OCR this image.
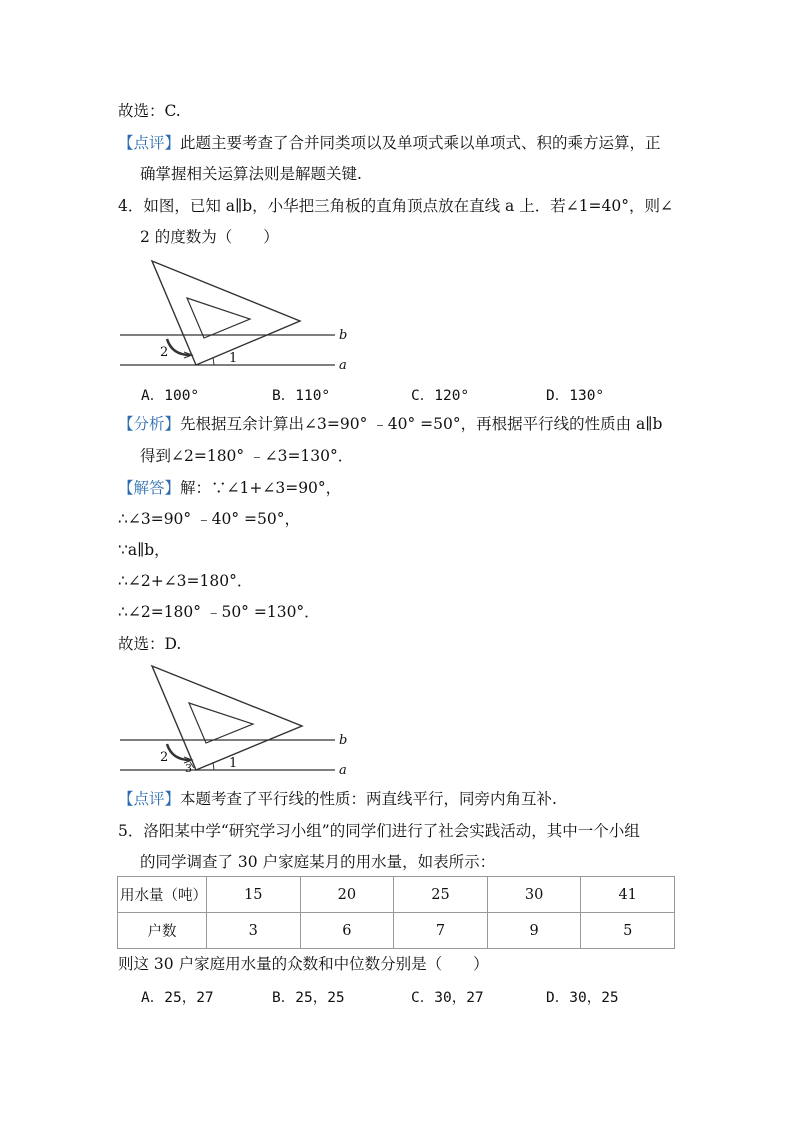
故选：C.
【点评】此题主要考查了合并同类项以及单项式乘以单项式、积的乘方运算，正
确掌握相关运算法则是解题关键.
4．如图，已知 a∥b，小华把三角板的直角顶点放在直线 a 上．若∠1=40°，则∠
2 的度数为（　　）
2	1
b
a
A．100°	B．110°	C．120°	D．130°
【分析】先根据互余计算出∠3=90° ﹣40° =50°，再根据平行线的性质由 a∥b
得到∠2=180° ﹣∠3=130°．
【解答】解：∵∠1+∠3=90°，
∴∠3=90° ﹣40° =50°，
∵a∥b，
∴∠2+∠3=180°．
∴∠2=180° ﹣50° =130°．
故选：D.
2
3	1
b
a
【点评】本题考查了平行线的性质：两直线平行，同旁内角互补.
5．洛阳某中学“研究学习小组”的同学们进行了社会实践活动，其中一个小组
的同学调查了 30 户家庭某月的用水量，如表所示：
用水量（吨）	15	20	25	30	41
户数	3	6	7	9	5
则这 30 户家庭用水量的众数和中位数分别是（　　）
A．25，27	B．25，25	C．30，27	D．30，25
